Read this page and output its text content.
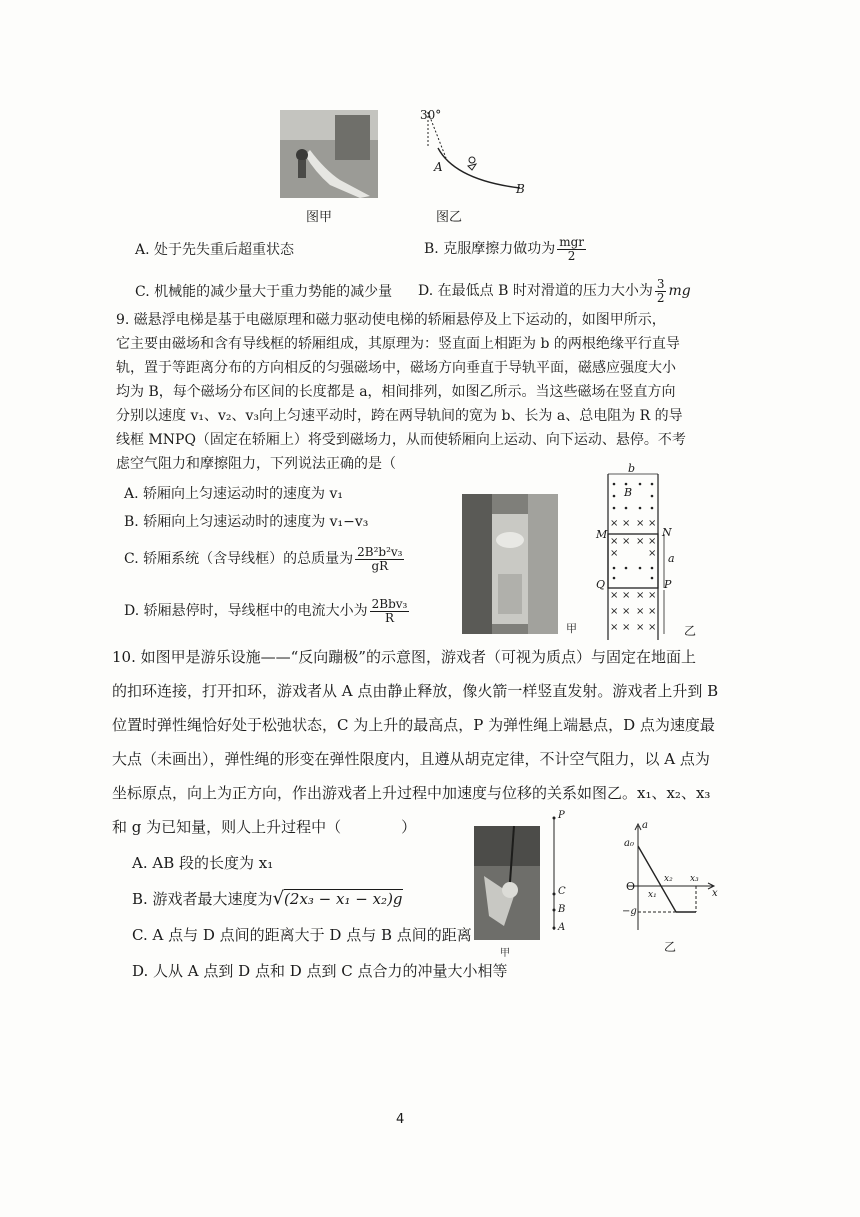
图甲
30°
A
B
图乙
A. 处于先失重后超重状态	B. 克服摩擦力做功为 $\frac{\text{mgr}}{2}$
C. 机械能的减少量大于重力势能的减少量 D. 在最低点 B 时对滑道的压力大小为 $\frac{3}{2}$ mg
9. 磁悬浮电梯是基于电磁原理和磁力驱动使电梯的轿厢悬停及上下运动的，如图甲所示，
它主要由磁场和含有导线框的轿厢组成，其原理为：竖直面上相距为 b 的两根绝缘平行直导
轨，置于等距离分布的方向相反的匀强磁场中，磁场方向垂直于导轨平面，磁感应强度大小
均为 B，每个磁场分布区间的长度都是 a，相间排列，如图乙所示。当这些磁场在竖直方向
分别以速度 v₁、v₂、v₃向上匀速平动时，跨在两导轨间的宽为 b、长为 a、总电阻为 R 的导
线框 MNPQ（固定在轿厢上）将受到磁场力，从而使轿厢向上运动、向下运动、悬停。不考
虑空气阻力和摩擦阻力，下列说法正确的是（
A. 轿厢向上匀速运动时的速度为 v₁
B. 轿厢向上匀速运动时的速度为 v₁−v₃
C. 轿厢系统（含导线框）的总质量为 $\frac{\text{2B²b²v₃}}{gR}$
D. 轿厢悬停时，导线框中的电流大小为 $\frac{\text{2Bbv₃}}{R}$
甲
× × × ×
× × × ×
×	×
× × × ×
× × × ×
× × × ×
b
B
M	N
Q	P
a
乙
10. 如图甲是游乐设施——“反向蹦极”的示意图，游戏者（可视为质点）与固定在地面上
的扣环连接，打开扣环，游戏者从 A 点由静止释放，像火箭一样竖直发射。游戏者上升到 B
位置时弹性绳恰好处于松弛状态，C 为上升的最高点，P 为弹性绳上端悬点，D 点为速度最
大点（未画出），弹性绳的形变在弹性限度内，且遵从胡克定律，不计空气阻力，以 A 点为
坐标原点，向上为正方向，作出游戏者上升过程中加速度与位移的关系如图乙。x₁、x₂、x₃
和 g 为已知量，则人上升过程中（　　　　）
A. AB 段的长度为 x₁
B. 游戏者最大速度为√(2x₃ − x₁ − x₂)g
C. A 点与 D 点间的距离大于 D 点与 B 点间的距离
D. 人从 A 点到 D 点和 D 点到 C 点合力的冲量大小相等
甲
P
C
B
A
a
a₀
O
x
x₁
x₂ x₃
−g
乙
4
